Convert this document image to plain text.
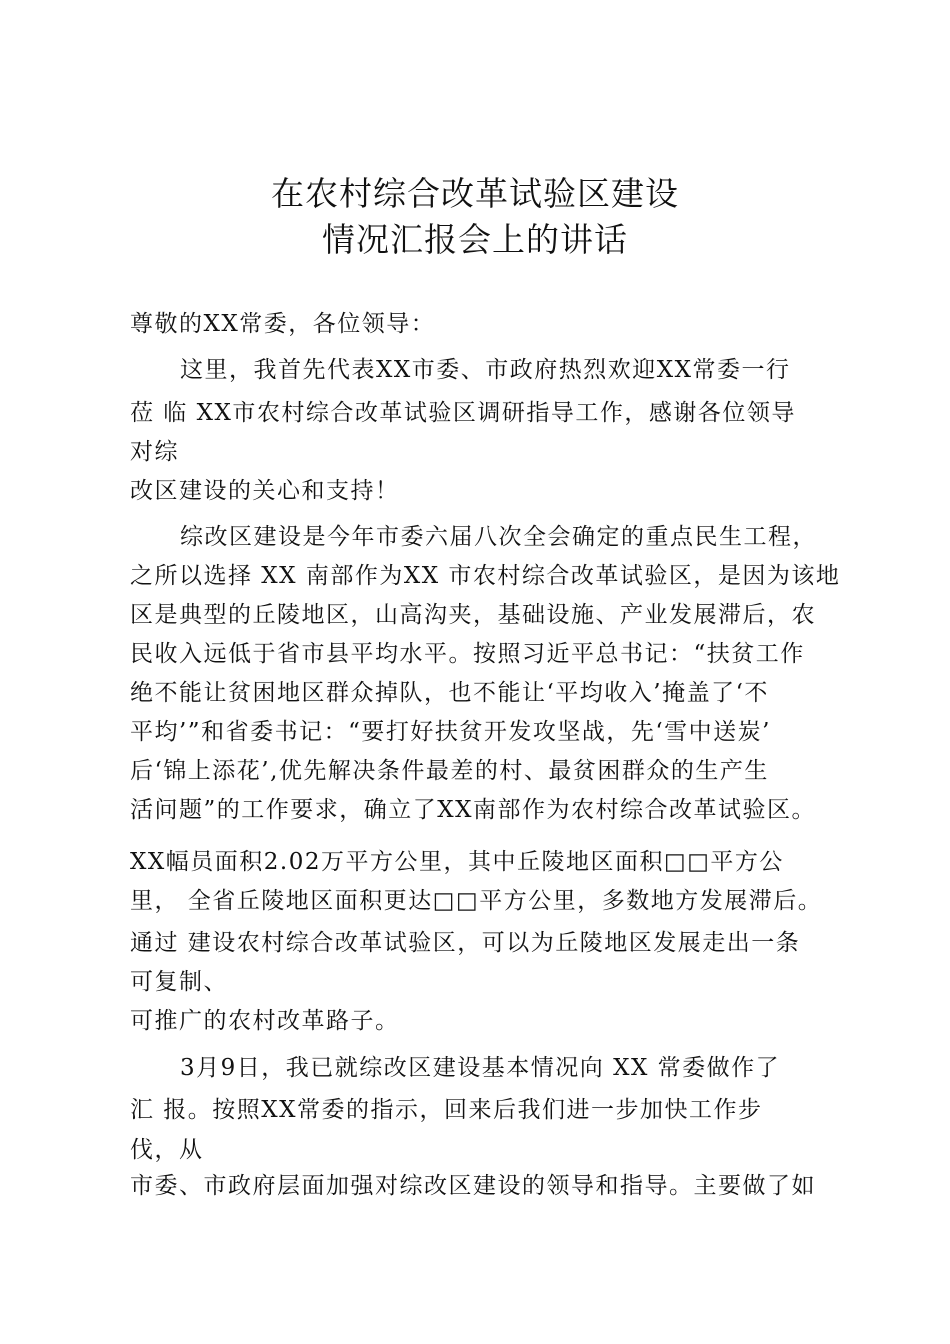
在农村综合改革试验区建设
情况汇报会上的讲话
尊敬的XX常委，各位领导：
这里，我首先代表XX市委、市政府热烈欢迎XX常委一行
莅 临 XX市农村综合改革试验区调研指导工作，感谢各位领导
对综
改区建设的关心和支持！
综改区建设是今年市委六届八次全会确定的重点民生工程，
之所以选择 XX 南部作为XX 市农村综合改革试验区，是因为该地
区是典型的丘陵地区，山高沟夹，基础设施、产业发展滞后，农
民收入远低于省市县平均水平。按照习近平总书记：“扶贫工作
绝不能让贫困地区群众掉队，也不能让‘平均收入’掩盖了‘不
平均’”和省委书记：“要打好扶贫开发攻坚战，先‘雪中送炭’
后‘锦上添花’,优先解决条件最差的村、最贫困群众的生产生
活问题”的工作要求，确立了XX南部作为农村综合改革试验区。
XX幅员面积2.02万平方公里，其中丘陵地区面积□□平方公
里， 全省丘陵地区面积更达□□平方公里，多数地方发展滞后。
通过 建设农村综合改革试验区，可以为丘陵地区发展走出一条
可复制、
可推广的农村改革路子。
3月9日，我已就综改区建设基本情况向 XX 常委做作了
汇 报。按照XX常委的指示，回来后我们进一步加快工作步
伐，从
市委、市政府层面加强对综改区建设的领导和指导。主要做了如
